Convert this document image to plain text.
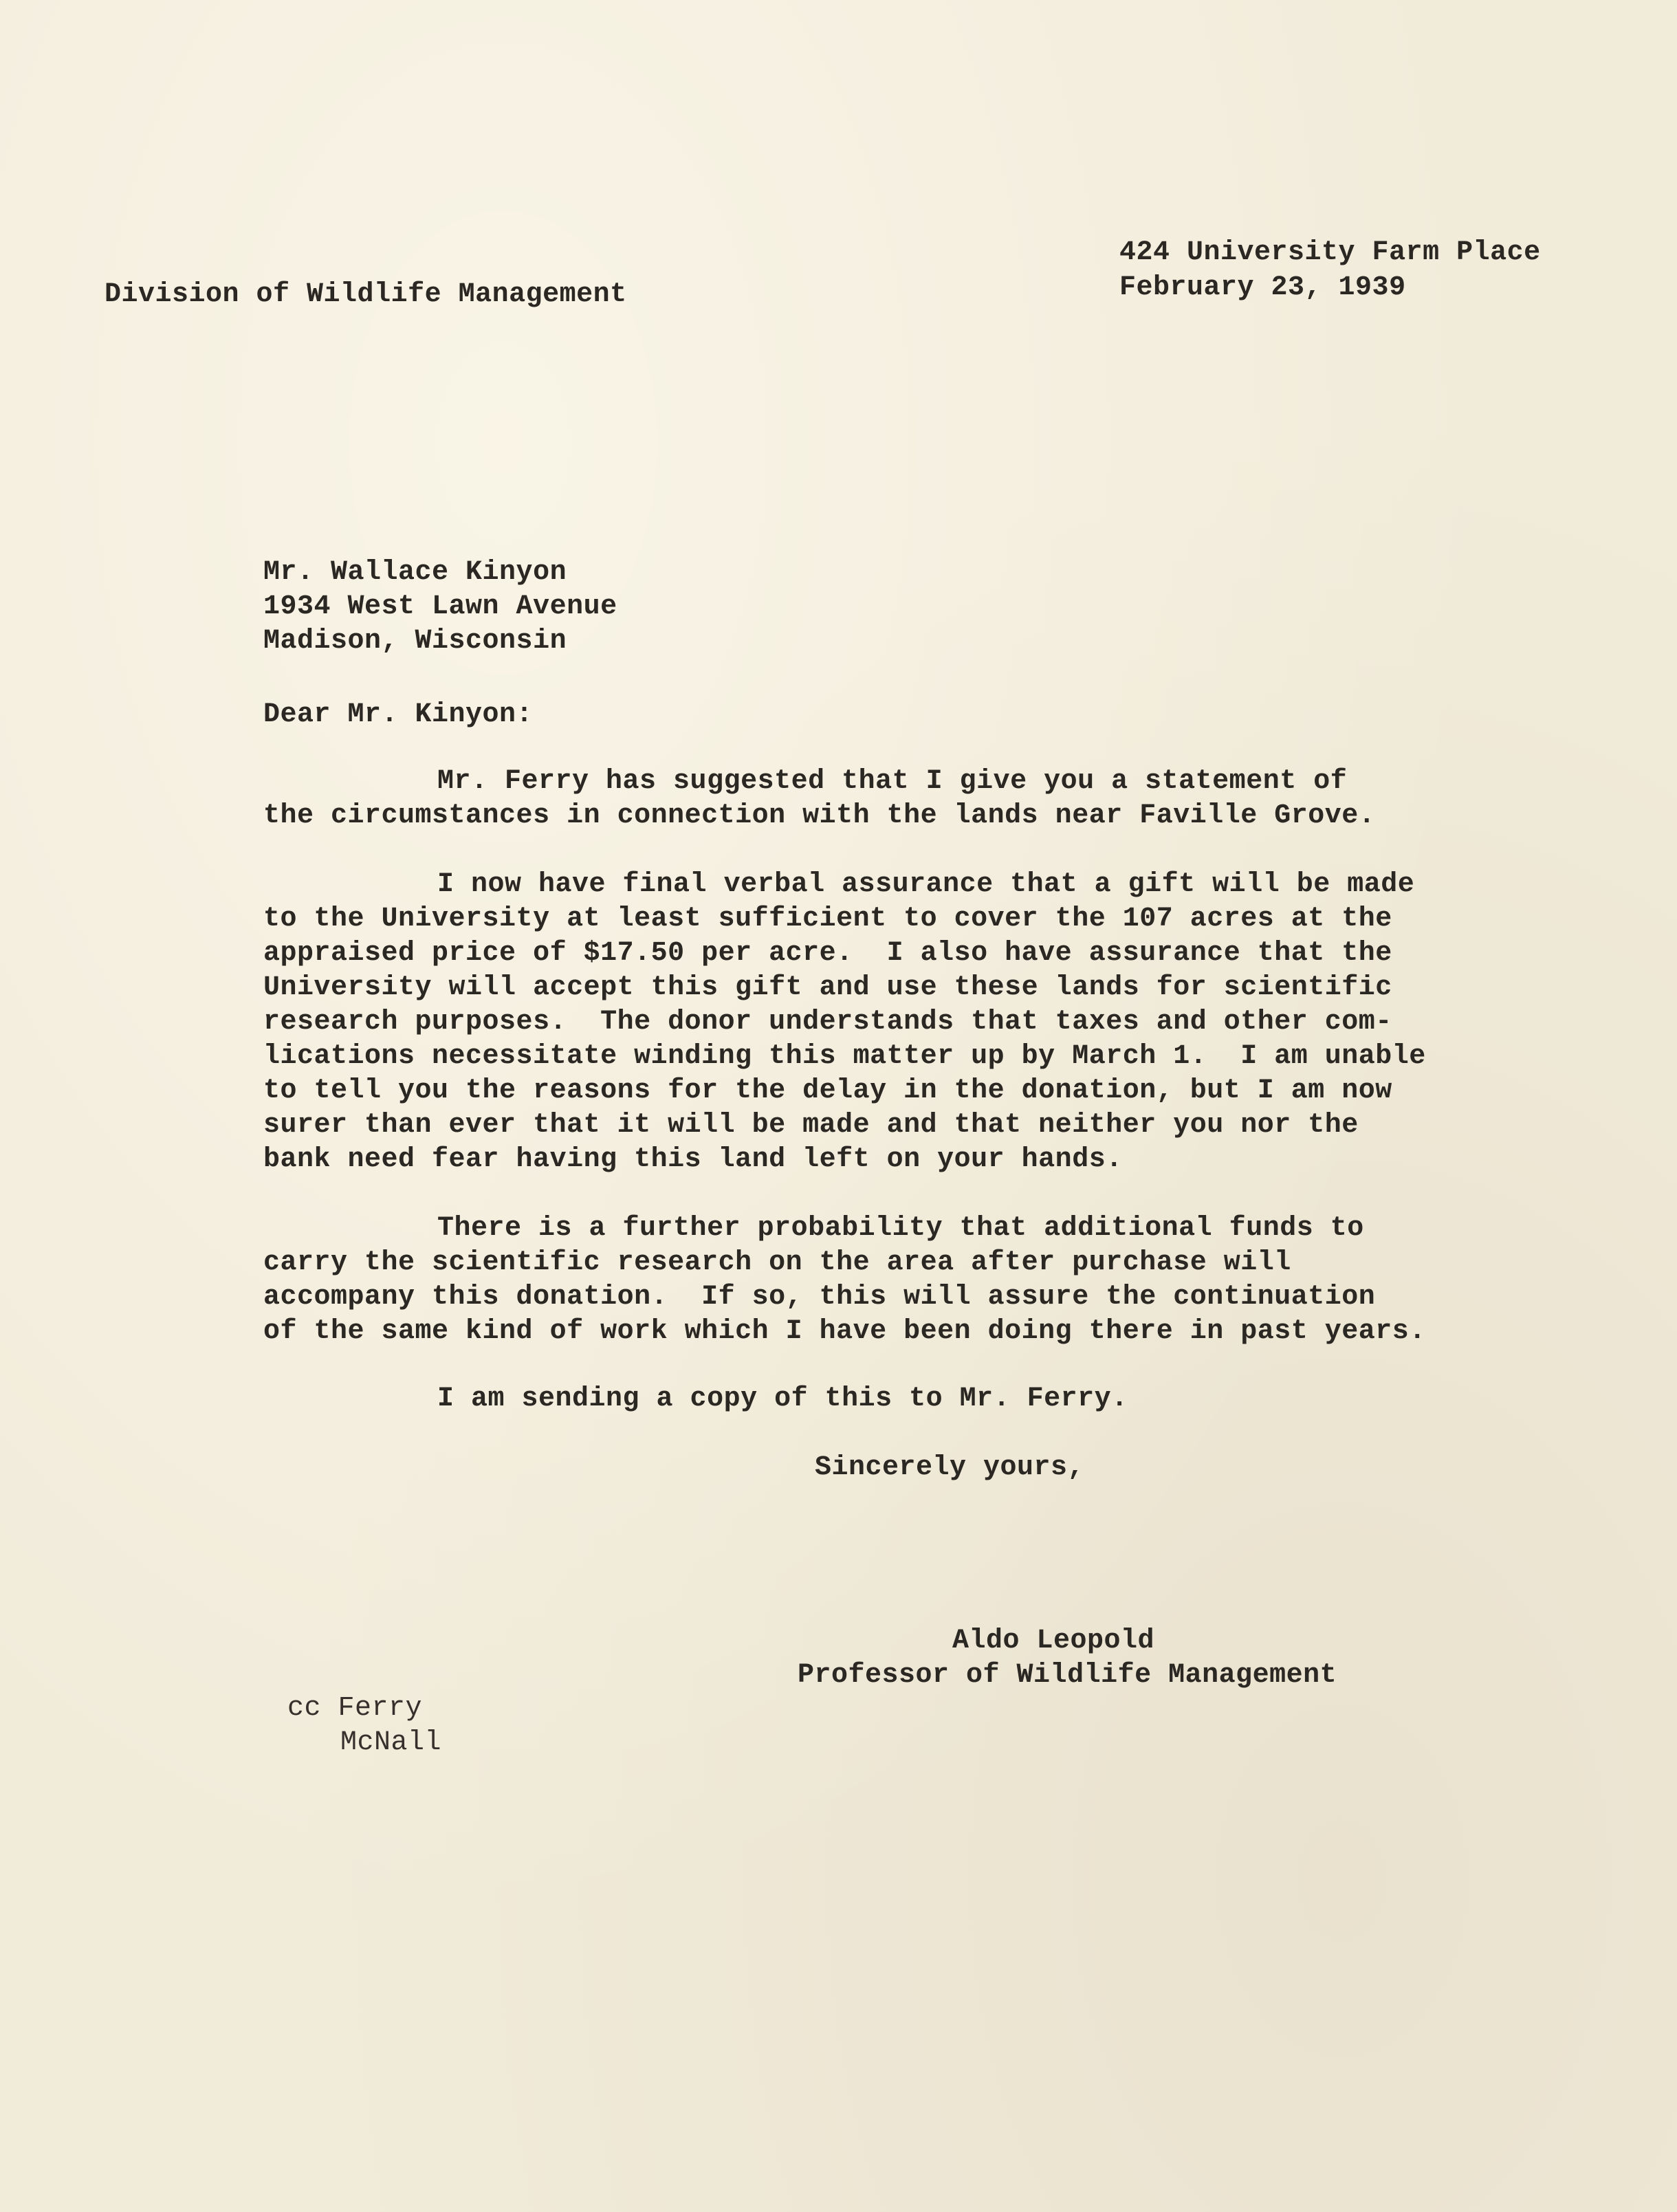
Division of Wildlife Management
424 University Farm Place
February 23, 1939
Mr. Wallace Kinyon
1934 West Lawn Avenue
Madison, Wisconsin
Dear Mr. Kinyon:
Mr. Ferry has suggested that I give you a statement of
the circumstances in connection with the lands near Faville Grove.
I now have final verbal assurance that a gift will be made
to the University at least sufficient to cover the 107 acres at the
appraised price of $17.50 per acre.  I also have assurance that the
University will accept this gift and use these lands for scientific
research purposes.  The donor understands that taxes and other com-
lications necessitate winding this matter up by March 1.  I am unable
to tell you the reasons for the delay in the donation, but I am now
surer than ever that it will be made and that neither you nor the
bank need fear having this land left on your hands.
There is a further probability that additional funds to
carry the scientific research on the area after purchase will
accompany this donation.  If so, this will assure the continuation
of the same kind of work which I have been doing there in past years.
I am sending a copy of this to Mr. Ferry.
Sincerely yours,
Aldo Leopold
Professor of Wildlife Management
cc Ferry
McNall
